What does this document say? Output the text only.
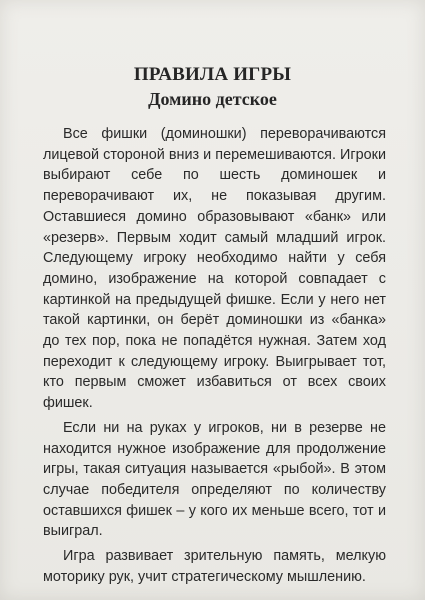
ПРАВИЛА ИГРЫ
Домино детское

Все фишки (доминошки) переворачиваются лицевой стороной вниз и перемешиваются. Игроки выбирают себе по шесть доминошек и переворачивают их, не показывая другим. Оставшиеся домино образовывают «банк» или «резерв». Первым ходит самый младший игрок. Следующему игроку необходимо найти у себя домино, изображение на которой совпадает с картинкой на предыдущей фишке. Если у него нет такой картинки, он берёт доминошки из «банка» до тех пор, пока не попадётся нужная. Затем ход переходит к следующему игроку. Выигрывает тот, кто первым сможет избавиться от всех своих фишек.

Если ни на руках у игроков, ни в резерве не находится нужное изображение для продолжение игры, такая ситуация называется «рыбой». В этом случае победителя определяют по количеству оставшихся фишек – у кого их меньше всего, тот и выиграл.

Игра развивает зрительную память, мелкую моторику рук, учит стратегическому мышлению.
